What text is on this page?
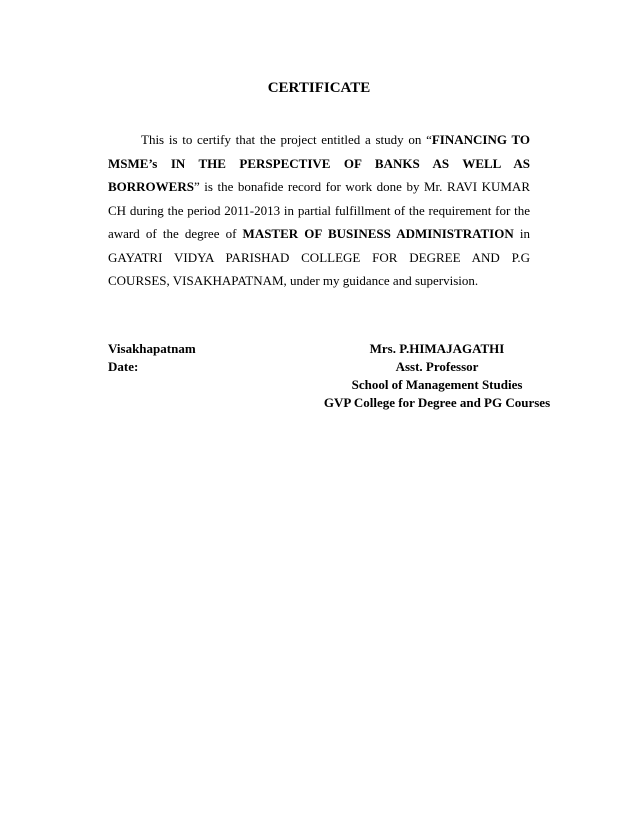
CERTIFICATE

This is to certify that the project entitled a study on “FINANCING TO MSME’s IN THE PERSPECTIVE OF BANKS AS WELL AS BORROWERS” is the bonafide record for work done by Mr. RAVI KUMAR CH during the period 2011-2013 in partial fulfillment of the requirement for the award of the degree of MASTER OF BUSINESS ADMINISTRATION in GAYATRI VIDYA PARISHAD COLLEGE FOR DEGREE AND P.G COURSES, VISAKHAPATNAM, under my guidance and supervision.

Visakhapatnam
Date:
Mrs. P.HIMAJAGATHI
Asst. Professor
School of Management Studies
GVP College for Degree and PG Courses
